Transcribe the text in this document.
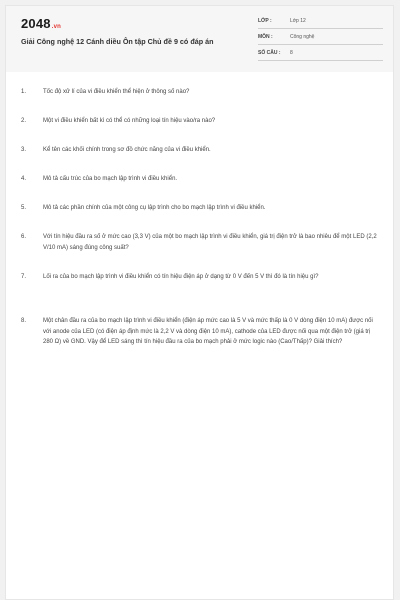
2048.vn
Giải Công nghệ 12 Cánh diều Ôn tập Chủ đề 9 có đáp án
LỚP :	Lớp 12
MÔN :	Công nghệ
SỐ CÂU : 8
1.	Tốc độ xử lí của vi điều khiển thể hiện ở thông số nào?
2.	Một vi điều khiển bất kì có thể có những loại tín hiệu vào/ra nào?
3.	Kể tên các khối chính trong sơ đồ chức năng của vi điều khiển.
4.	Mô tả cấu trúc của bo mạch lập trình vi điều khiển.
5.	Mô tả các phần chính của một công cụ lập trình cho bo mạch lập trình vi điều khiển.
6.	Với tín hiệu đầu ra số ở mức cao (3,3 V) của một bo mạch lập trình vi điều khiển, giá trị điện trở là bao nhiêu để một LED (2,2 V/10 mA) sáng đúng công suất?
7.	Lối ra của bo mạch lập trình vi điều khiển có tín hiệu điện áp ở dạng từ 0 V đến 5 V thì đó là tín hiệu gì?
8.	Một chân đầu ra của bo mạch lập trình vi điều khiển (điện áp mức cao là 5 V và mức thấp là 0 V dòng điện 10 mA) được nối với anode của LED (có điện áp định mức là 2,2 V và dòng điện 10 mA), cathode của LED được nối qua một điện trở (giá trị 280 Ω) về GND. Vậy để LED sáng thì tín hiệu đầu ra của bo mạch phải ở mức logic nào (Cao/Thấp)? Giải thích?
